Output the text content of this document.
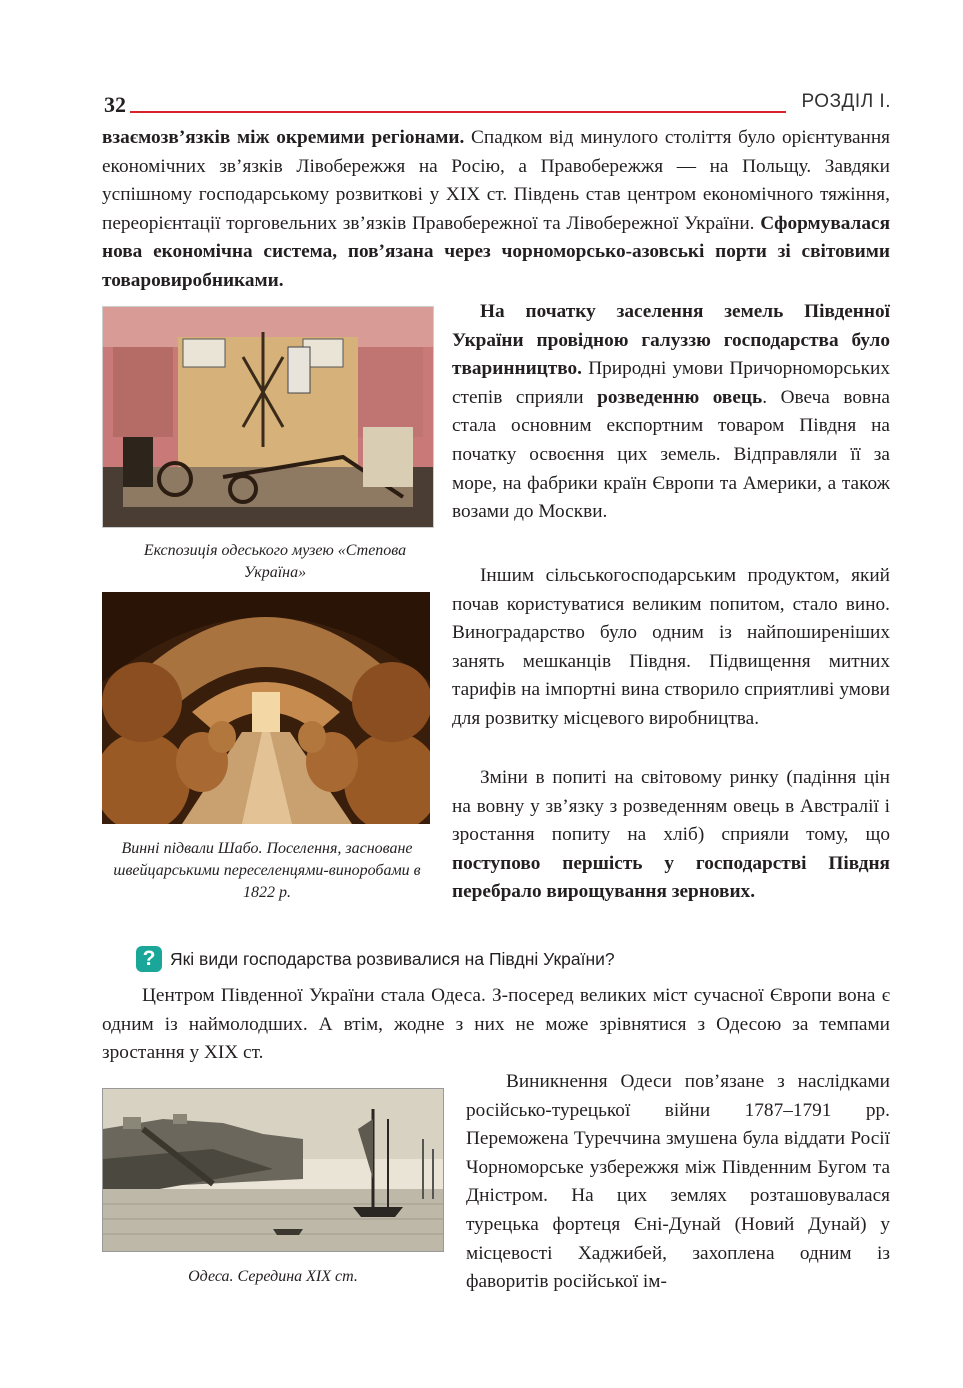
32	РОЗДІЛ І.

взаємозв’язків між окремими регіонами. Спадком від минулого століття було орієнтування економічних зв’язків Лівобережжя на Росію, а Правобережжя — на Польщу. Завдяки успішному господарському розвиткові у ХІХ ст. Південь став центром економічного тяжіння, переорієнтації торговельних зв’язків Правобережної та Лівобережної України. Сформувалася нова економічна система, пов’язана через чорноморсько-азовські порти зі світовими товаровиробниками.

Експозиція одеського музею «Степова Україна»

Винні підвали Шабо. Поселення, засноване швейцарськими переселенцями-виноробами в 1822 р.

На початку заселення земель Південної України провідною галуззю господарства було тваринництво. Природні умови Причорноморських степів сприяли розведенню овець. Овеча вовна стала основним експортним товаром Півдня на початку освоєння цих земель. Відправляли її за море, на фабрики країн Європи та Америки, а також возами до Москви.

Іншим сільськогосподарським продуктом, який почав користуватися великим попитом, стало вино. Виноградарство було одним із найпоширеніших занять мешканців Півдня. Підвищення митних тарифів на імпортні вина створило сприятливі умови для розвитку місцевого виробництва.

Зміни в попиті на світовому ринку (падіння цін на вовну у зв’язку з розведенням овець в Австралії і зростання попиту на хліб) сприяли тому, що поступово першість у господарстві Півдня перебрало вирощування зернових.

? Які види господарства розвивалися на Півдні України?

Центром Південної України стала Одеса. З-посеред великих міст сучасної Європи вона є одним із наймолодших. А втім, жодне з них не може зрівнятися з Одесою за темпами зростання у ХІХ ст.

Одеса. Середина ХІХ ст.

Виникнення Одеси пов’язане з наслідками російсько-турецької війни 1787–1791 рр. Переможена Туреччина змушена була віддати Росії Чорноморське узбережжя між Південним Бугом та Дністром. На цих землях розташовувалася турецька фортеця Єні-Дунай (Новий Дунай) у місцевості Хаджибей, захоплена одним із фаворитів російської ім-
